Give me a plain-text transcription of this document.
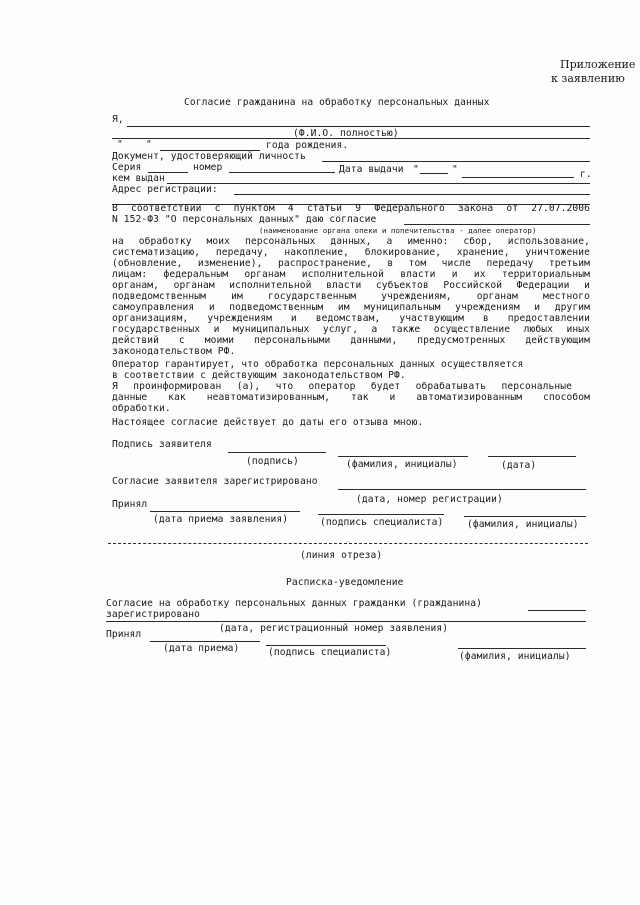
Приложение
к заявлению
Согласие гражданина на обработку персональных данных
Я,
(Ф.И.О. полностью)
" "	года рождения.
Документ, удостоверяющий личность
Серия	номер	Дата выдачи "	"	г.
кем выдан
Адрес регистрации:
В соответствии с пунктом 4 статьи 9 Федерального закона от 27.07.2006
N 152-ФЗ "О персональных данных" даю согласие
(наименование органа опеки и попечительства - далее оператор)
на обработку моих персональных данных, а именно: сбор, использование,
систематизацию, передачу, накопление, блокирование, хранение, уничтожение
(обновление, изменение), распространение, в том числе передачу третьим
лицам: федеральным органам исполнительной власти и их территориальным
органам, органам исполнительной власти субъектов Российской Федерации и
подведомственным им государственным учреждениям, органам местного
самоуправления и подведомственным им муниципальным учреждениям и другим
организациям, учреждениям и ведомствам, участвующим в предоставлении
государственных и муниципальных услуг, а также осуществление любых иных
действий с моими персональными данными, предусмотренных действующим
законодательством РФ.
Оператор гарантирует, что обработка персональных данных осуществляется
в соответствии с действующим законодательством РФ.
Я проинформирован (а), что оператор будет обрабатывать персональные
данные как неавтоматизированным, так и автоматизированным способом
обработки.
Настоящее согласие действует до даты его отзыва мною.
Подпись заявителя
(подпись)	(фамилия, инициалы)	(дата)
Согласие заявителя зарегистрировано
(дата, номер регистрации)
Принял
(дата приема заявления)	(подпись специалиста) (фамилия, инициалы)
(линия отреза)
Расписка-уведомление
Согласие на обработку персональных данных гражданки (гражданина)
зарегистрировано
(дата, регистрационный номер заявления)
Принял
(дата приема)	(подпись специалиста)	(фамилия, инициалы)
